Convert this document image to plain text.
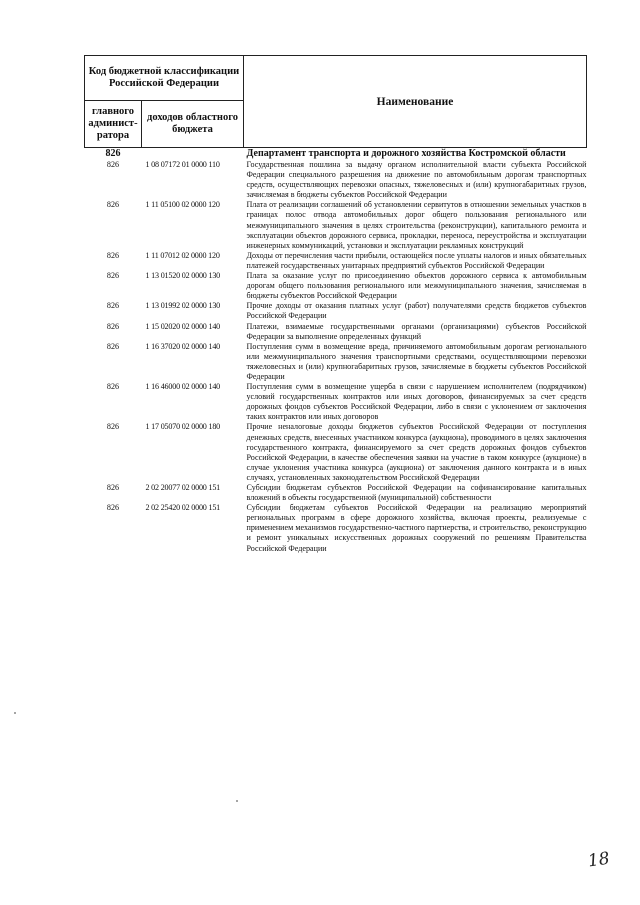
Код бюджетной классификации Российской Федерации		Наименование
главного админист-ратора	доходов областного бюджета	
826		Департамент транспорта и дорожного хозяйства Костромской области
826	1 08 07172 01 0000 110	Государственная пошлина за выдачу органом исполнительной власти субъекта Российской Федерации специального разрешения на движение по автомобильным дорогам транспортных средств, осуществляющих перевозки опасных, тяжеловесных и (или) крупногабаритных грузов, зачисляемая в бюджеты субъектов Российской Федерации
826	1 11 05100 02 0000 120	Плата от реализации соглашений об установлении сервитутов в отношении земельных участков в границах полос отвода автомобильных дорог общего пользования регионального или межмуниципального значения в целях строительства (реконструкции), капитального ремонта и эксплуатации объектов дорожного сервиса, прокладки, переноса, переустройства и эксплуатации инженерных коммуникаций, установки и эксплуатации рекламных конструкций
826	1 11 07012 02 0000 120	Доходы от перечисления части прибыли, остающейся после уплаты налогов и иных обязательных платежей государственных унитарных предприятий субъектов Российской Федерации
826	1 13 01520 02 0000 130	Плата за оказание услуг по присоединению объектов дорожного сервиса к автомобильным дорогам общего пользования регионального или межмуниципального значения, зачисляемая в бюджеты субъектов Российской Федерации
826	1 13 01992 02 0000 130	Прочие доходы от оказания платных услуг (работ) получателями средств бюджетов субъектов Российской Федерации
826	1 15 02020 02 0000 140	Платежи, взимаемые государственными органами (организациями) субъектов Российской Федерации за выполнение определенных функций
826	1 16 37020 02 0000 140	Поступления сумм в возмещение вреда, причиняемого автомобильным дорогам регионального или межмуниципального значения транспортными средствами, осуществляющими перевозки тяжеловесных и (или) крупногабаритных грузов, зачисляемые в бюджеты субъектов Российской Федерации
826	1 16 46000 02 0000 140	Поступления сумм в возмещение ущерба в связи с нарушением исполнителем (подрядчиком) условий государственных контрактов или иных договоров, финансируемых за счет средств дорожных фондов субъектов Российской Федерации, либо в связи с уклонением от заключения таких контрактов или иных договоров
826	1 17 05070 02 0000 180	Прочие неналоговые доходы бюджетов субъектов Российской Федерации от поступления денежных средств, внесенных участником конкурса (аукциона), проводимого в целях заключения государственного контракта, финансируемого за счет средств дорожных фондов субъектов Российской Федерации, в качестве обеспечения заявки на участие в таком конкурсе (аукционе) в случае уклонения участника конкурса (аукциона) от заключения данного контракта и в иных случаях, установленных законодательством Российской Федерации
826	2 02 20077 02 0000 151	Субсидии бюджетам субъектов Российской Федерации на софинансирование капитальных вложений в объекты государственной (муниципальной) собственности
826	2 02 25420 02 0000 151	Субсидии бюджетам субъектов Российской Федерации на реализацию мероприятий региональных программ в сфере дорожного хозяйства, включая проекты, реализуемые с применением механизмов государственно-частного партнерства, и строительство, реконструкцию и ремонт уникальных искусственных дорожных сооружений по решениям Правительства Российской Федерации
18
